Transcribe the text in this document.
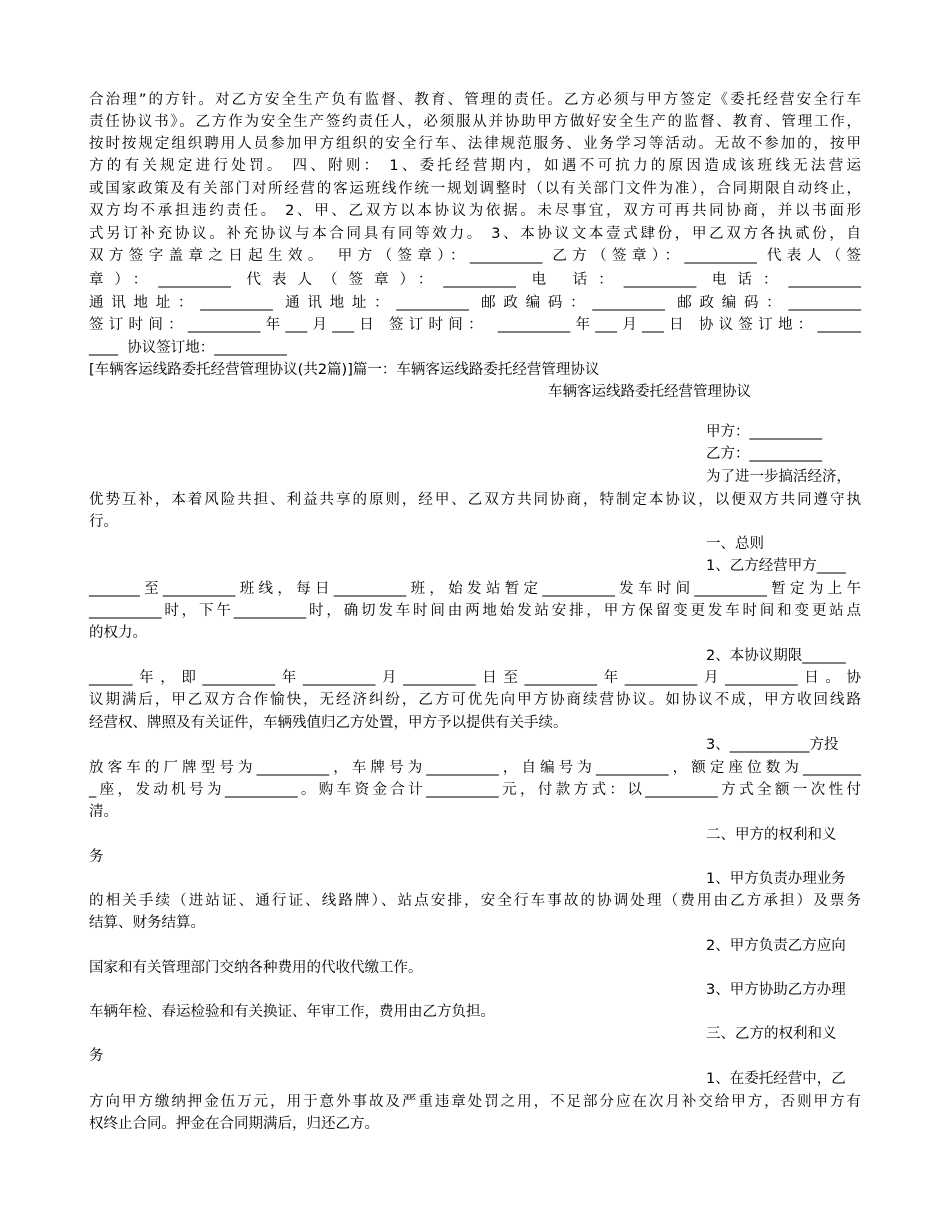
合治理”的方针。对乙方安全生产负有监督、教育、管理的责任。乙方必须与甲方签定《委托经营安全行车
责任协议书》。乙方作为安全生产签约责任人，必须服从并协助甲方做好安全生产的监督、教育、管理工作，
按时按规定组织聘用人员参加甲方组织的安全行车、法律规范服务、业务学习等活动。无故不参加的，按甲
方的有关规定进行处罚。 四、附则： 1、委托经营期内，如遇不可抗力的原因造成该班线无法营运
或国家政策及有关部门对所经营的客运班线作统一规划调整时（以有关部门文件为准），合同期限自动终止，
双方均不承担违约责任。 2、甲、乙双方以本协议为依据。未尽事宜，双方可再共同协商，并以书面形
式另订补充协议。补充协议与本合同具有同等效力。 3、本协议文本壹式肆份，甲乙双方各执贰份，自
双方签字盖章之日起生效。 甲方（签章）：__________ 乙方（签章）：__________ 代表人（签
章）：__________ 代表人（签章）：__________ 电 话：__________ 电话：__________
通讯地址：__________ 通讯地址：__________ 邮政编码：__________ 邮政编码：__________
签订时间：__________年___月___日 签订时间： __________年___月___日 协议签订地：______
____  协议签订地：__________
[车辆客运线路委托经营管理协议(共2篇)]篇一：车辆客运线路委托经营管理协议
车辆客运线路委托经营管理协议
甲方：__________
乙方：__________
为了进一步搞活经济，
优势互补，本着风险共担、利益共享的原则，经甲、乙双方共同协商，特制定本协议，以便双方共同遵守执
行。
一、总则
1、乙方经营甲方____
_______至__________班线，每日__________班，始发站暂定__________发车时间__________暂定为上午
__________时，下午__________时，确切发车时间由两地始发站安排，甲方保留变更发车时间和变更站点
的权力。
2、本协议期限______
______年，即__________年__________月__________日至__________年__________月__________日。协
议期满后，甲乙双方合作愉快，无经济纠纷，乙方可优先向甲方协商续营协议。如协议不成，甲方收回线路
经营权、牌照及有关证件，车辆残值归乙方处置，甲方予以提供有关手续。
3、___________方投
放客车的厂牌型号为__________，车牌号为__________，自编号为__________，额定座位数为________
_座，发动机号为__________。购车资金合计__________元，付款方式：以__________方式全额一次性付
清。
二、甲方的权利和义
务
1、甲方负责办理业务
的相关手续（进站证、通行证、线路牌）、站点安排，安全行车事故的协调处理（费用由乙方承担）及票务
结算、财务结算。
2、甲方负责乙方应向
国家和有关管理部门交纳各种费用的代收代缴工作。
3、甲方协助乙方办理
车辆年检、春运检验和有关换证、年审工作，费用由乙方负担。
三、乙方的权利和义
务
1、在委托经营中，乙
方向甲方缴纳押金伍万元，用于意外事故及严重违章处罚之用，不足部分应在次月补交给甲方，否则甲方有
权终止合同。押金在合同期满后，归还乙方。
